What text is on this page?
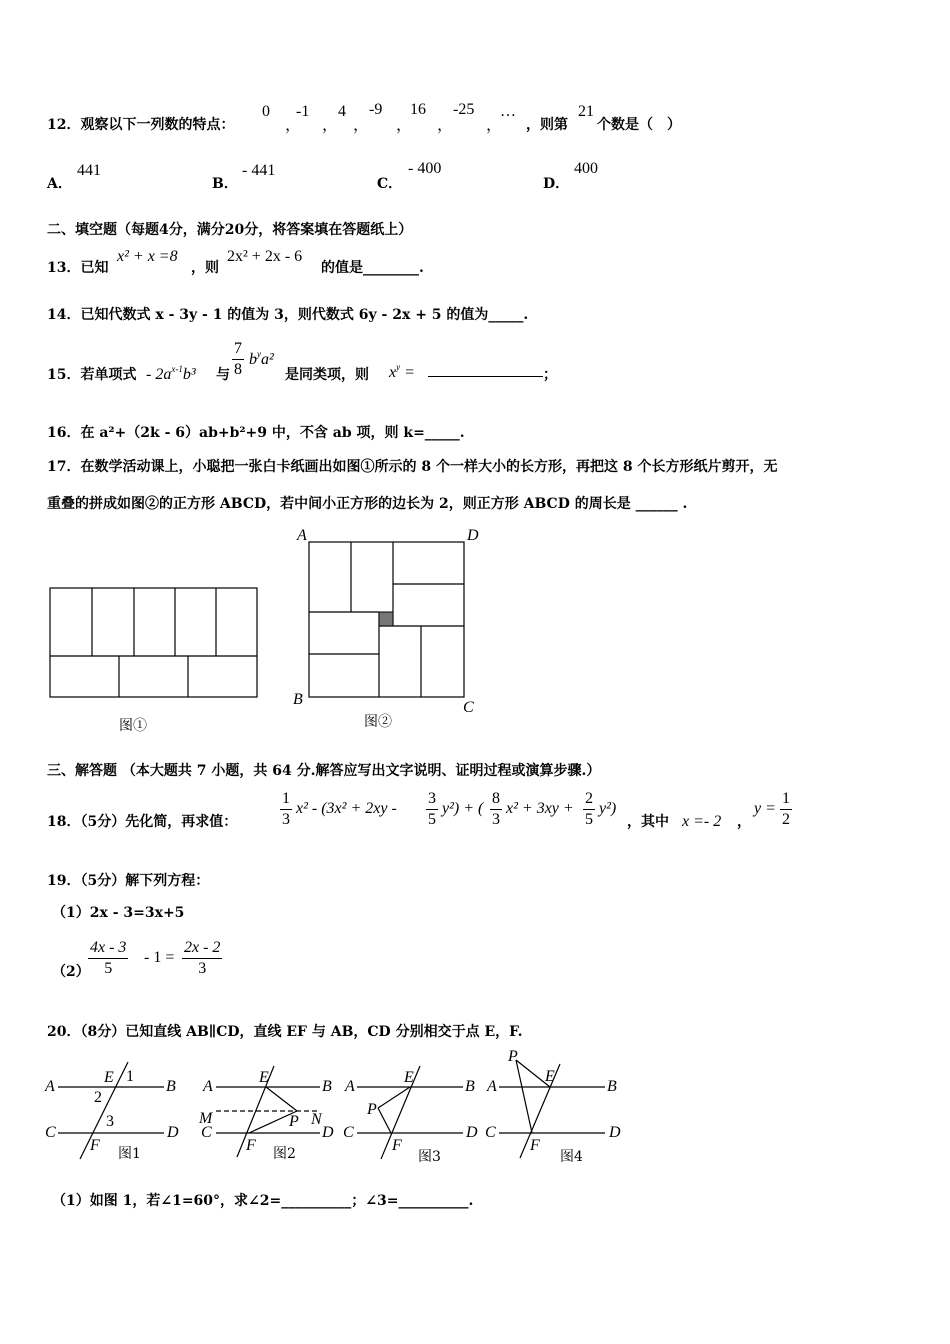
12．观察以下一列数的特点：
0
，
-1
，
4
，
-9
，
16
，
-25
，
…
，则第
21
个数是（　）
A．
441
B．
- 441
C．
- 400
D．
400
二、填空题（每题4分，满分20分，将答案填在答题纸上）
13．已知
x² + x =8
，则
2x² + 2x - 6
的值是________.
14．已知代数式 x - 3y - 1 的值为 3，则代数式 6y - 2x + 5 的值为_____.
15．若单项式 - $2a^{x-1}b^3$ 与 $\frac{7}{8} b^ya^2$
是同类项，则 $x^y$ =	；
16．在 a²+（2k - 6）ab+b²+9 中，不含 ab 项，则 k=_____.
17．在数学活动课上，小聪把一张白卡纸画出如图①所示的 8 个一样大小的长方形，再把这 8 个长方形纸片剪开，无
重叠的拼成如图②的正方形 ABCD，若中间小正方形的边长为 2，则正方形 ABCD 的周长是 ______ .
图①
A	D
B	C
图②
三、解答题 （本大题共 7 小题，共 64 分.解答应写出文字说明、证明过程或演算步骤.）
18．（5分）先化简，再求值：	$\frac{1}{3} x^2 - (3x^2 + 2xy - \frac{3}{5} y^2)$ + ( $\frac{8}{3} x^2 + 3xy + \frac{2}{5} y^2$)
，其中 x =- 2 ，
$y = \frac{1}{2}$
19．（5分）解下列方程：
（1）2x - 3=3x+5
（2）
$\frac{4x - 3}{5} - 1 = \frac{2x - 2}{3}$
20．（8分）已知直线 AB∥CD，直线 EF 与 AB，CD 分别相交于点 E，F.
A	B
C	D
E
F
1
2
3
图1
A	B
C	D
E
F
M	N
P
图2
A	B
C	D
E
F
P
图3
A	B
C	D
E
F
P
图4
（1）如图 1，若∠1=60°，求∠2=__________；∠3=__________.
